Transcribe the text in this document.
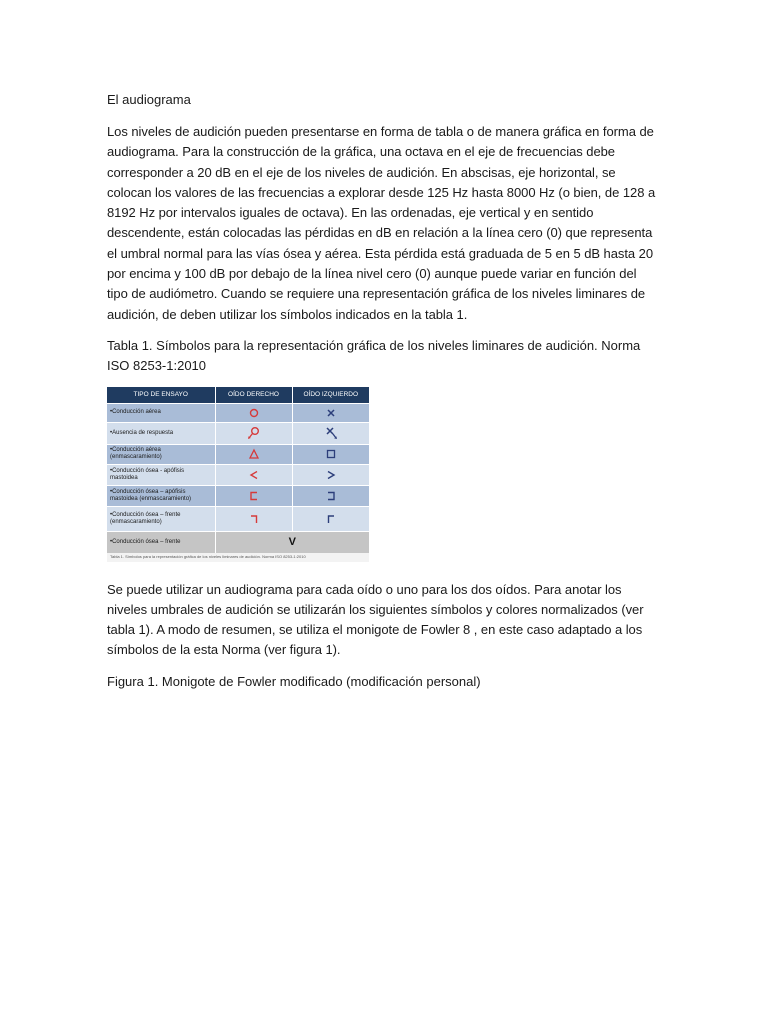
El audiograma

Los niveles de audición pueden presentarse en forma de tabla o de manera gráfica en forma de audiograma. Para la construcción de la gráfica, una octava en el eje de frecuencias debe corresponder a 20 dB en el eje de los niveles de audición. En abscisas, eje horizontal, se colocan los valores de las frecuencias a explorar desde 125 Hz hasta 8000 Hz (o bien, de 128 a 8192 Hz por intervalos iguales de octava). En las ordenadas, eje vertical y en sentido descendente, están colocadas las pérdidas en dB en relación a la línea cero (0) que representa el umbral normal para las vías ósea y aérea. Esta pérdida está graduada de 5 en 5 dB hasta 20 por encima y 100 dB por debajo de la línea nivel cero (0) aunque puede variar en función del tipo de audiómetro. Cuando se requiere una representación gráfica de los niveles liminares de audición, de deben utilizar los símbolos indicados en la tabla 1.

Tabla 1. Símbolos para la representación gráfica de los niveles liminares de audición. Norma ISO 8253-1:2010

TIPO DE ENSAYO	OÍDO DERECHO	OÍDO IZQUIERDO
•Conducción aérea		
•Ausencia de respuesta		
•Conducción aérea (enmascaramiento)		
•Conducción ósea - apófisis mastoidea		
•Conducción ósea – apófisis mastoidea (enmascaramiento)		
•Conducción ósea – frente (enmascaramiento)		
•Conducción ósea – frente	V	
Tabla 1. Símbolos para la representación gráfica de los niveles liminares de audición. Norma ISO 8253-1:2010

Se puede utilizar un audiograma para cada oído o uno para los dos oídos. Para anotar los niveles umbrales de audición se utilizarán los siguientes símbolos y colores normalizados (ver tabla 1). A modo de resumen, se utiliza el monigote de Fowler 8 , en este caso adaptado a los símbolos de la esta Norma (ver figura 1).

Figura 1. Monigote de Fowler modificado (modificación personal)
